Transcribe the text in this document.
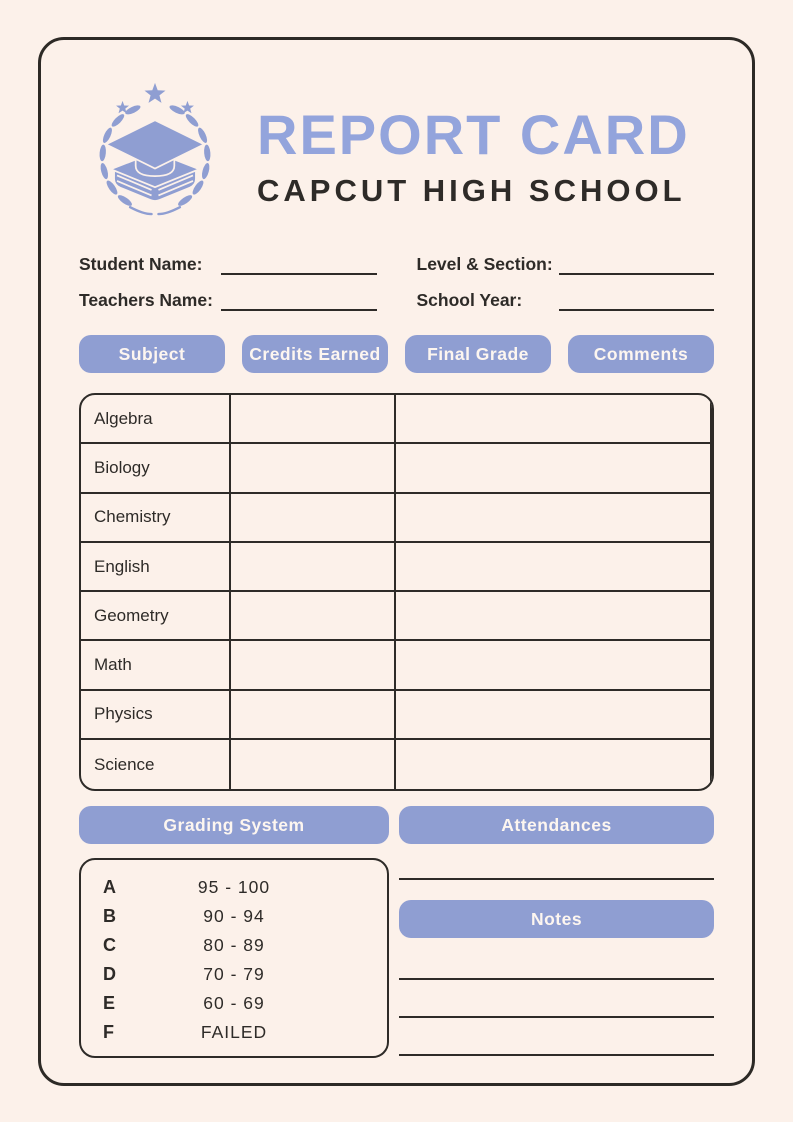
REPORT CARD
CAPCUT HIGH SCHOOL
Student Name:	Level & Section:
Teachers Name:	School Year:
Subject	Credits Earned	Final Grade	Comments
Algebra
Biology
Chemistry
English
Geometry
Math
Physics
Science
Grading System
A	95 - 100
B	90 - 94
C	80 - 89
D	70 - 79
E	60 - 69
F	FAILED
Attendances
Notes
